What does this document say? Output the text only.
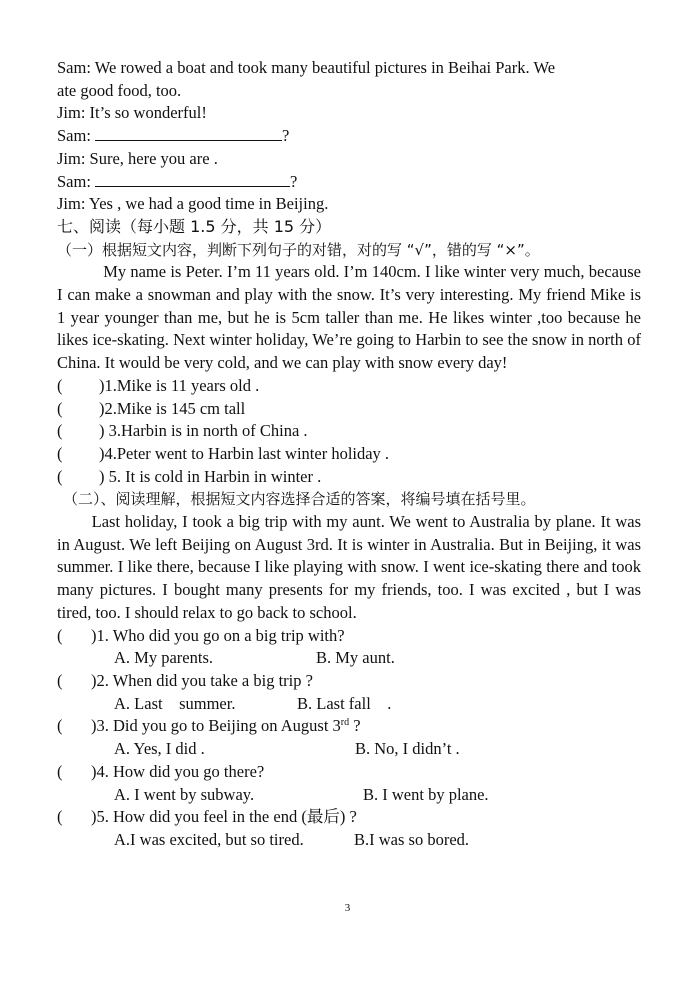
Sam: We rowed a boat and took many beautiful pictures in Beihai Park. We
ate good food, too.
Jim: It’s so wonderful!
Sam:	?
Jim: Sure, here you are .
Sam:	?
Jim: Yes , we had a good time in Beijing.
七、阅读（每小题 1.5 分，共 15 分）
（一）根据短文内容，判断下列句子的对错，对的写 “√”，错的写 “×”。
My name is Peter. I’m 11 years old. I’m 140cm. I like winter very much, because I can make a snowman and play with the snow. It’s very interesting. My friend Mike is 1 year younger than me, but he is 5cm taller than me. He likes winter ,too because he likes ice-skating. Next winter holiday, We’re going to Harbin to see the snow in north of China. It would be very cold, and we can play with snow every day!
( )1.Mike is 11 years old .
( )2.Mike is 145 cm tall
( ) 3.Harbin is in north of China .
( )4.Peter went to Harbin last winter holiday .
( ) 5. It is cold in Harbin in winter .
（二）、阅读理解，根据短文内容选择合适的答案，将编号填在括号里。
Last holiday, I took a big trip with my aunt. We went to Australia by plane. It was in August. We left Beijing on August 3rd. It is winter in Australia. But in Beijing, it was summer. I like there, because I like playing with snow. I went ice-skating there and took many pictures. I bought many presents for my friends, too. I was excited , but I was tired, too. I should relax to go back to school.
( )1. Who did you go on a big trip with?
A. My parents.	B. My aunt.
( )2. When did you take a big trip ?
A. Last    summer.	B. Last fall    .
( )3. Did you go to Beijing on August 3rd ?
A. Yes, I did .	B. No, I didn’t .
( )4. How did you go there?
A. I went by subway.	B. I went by plane.
( )5. How did you feel in the end (最后) ?
A.I was excited, but so tired.	B.I was so bored.
3
